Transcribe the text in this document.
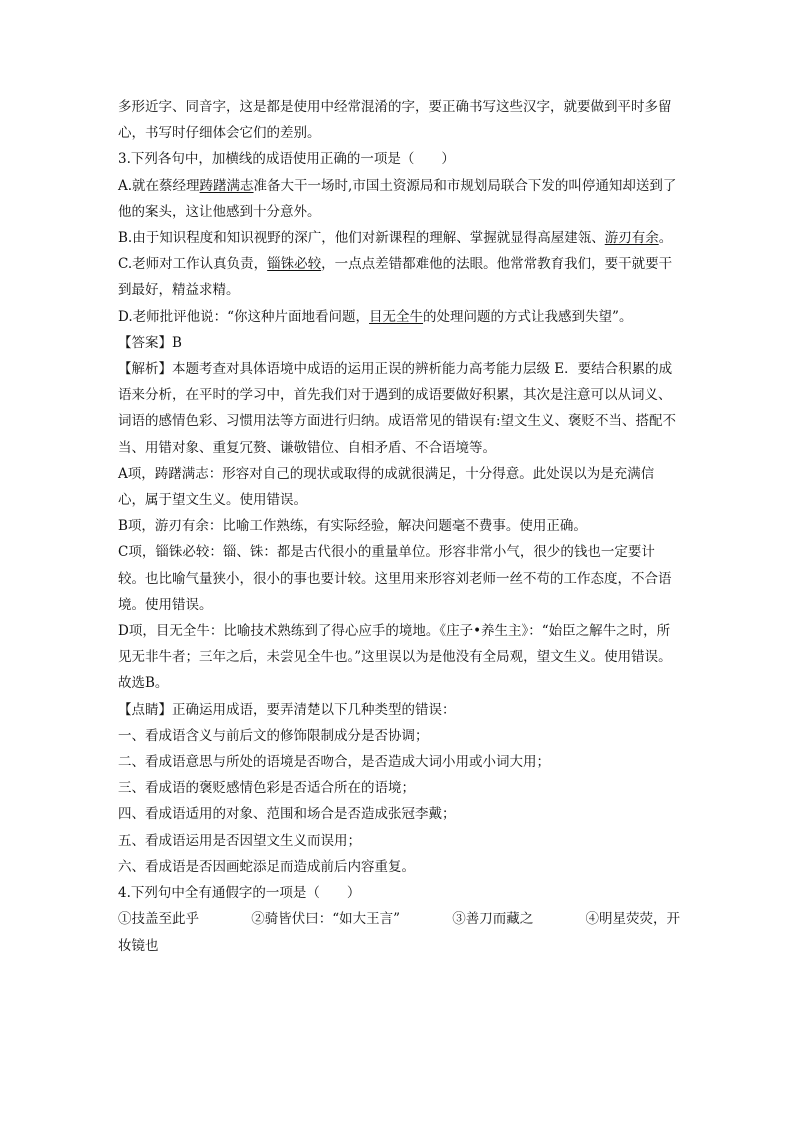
多形近字、同音字，这是都是使用中经常混淆的字，要正确书写这些汉字，就要做到平时多留心，书写时仔细体会它们的差别。

3.下列各句中，加横线的成语使用正确的一项是（　　）

A.就在蔡经理踌躇满志准备大干一场时,市国土资源局和市规划局联合下发的叫停通知却送到了他的案头，这让他感到十分意外。

B.由于知识程度和知识视野的深广，他们对新课程的理解、掌握就显得高屋建瓴、游刃有余。

C.老师对工作认真负责，锱铢必较，一点点差错都难他的法眼。他常常教育我们，要干就要干到最好，精益求精。

D.老师批评他说：“你这种片面地看问题，目无全牛的处理问题的方式让我感到失望”。

【答案】B

【解析】本题考查对具体语境中成语的运用正误的辨析能力高考能力层级 E．要结合积累的成语来分析，在平时的学习中，首先我们对于遇到的成语要做好积累，其次是注意可以从词义、词语的感情色彩、习惯用法等方面进行归纳。成语常见的错误有:望文生义、褒贬不当、搭配不当、用错对象、重复冗赘、谦敬错位、自相矛盾、不合语境等。

A项，踌躇满志：形容对自己的现状或取得的成就很满足，十分得意。此处误以为是充满信心，属于望文生义。使用错误。

B项，游刃有余：比喻工作熟练，有实际经验，解决问题毫不费事。使用正确。

C项，锱铢必较：锱、铢：都是古代很小的重量单位。形容非常小气，很少的钱也一定要计较。也比喻气量狭小，很小的事也要计较。这里用来形容刘老师一丝不苟的工作态度，不合语境。使用错误。

D项，目无全牛：比喻技术熟练到了得心应手的境地。《庄子•养生主》：“始臣之解牛之时，所见无非牛者；三年之后，未尝见全牛也。”这里误以为是他没有全局观，望文生义。使用错误。

故选B。

【点睛】正确运用成语，要弄清楚以下几种类型的错误：

一、看成语含义与前后文的修饰限制成分是否协调；

二、看成语意思与所处的语境是否吻合，是否造成大词小用或小词大用；

三、看成语的褒贬感情色彩是否适合所在的语境；

四、看成语适用的对象、范围和场合是否造成张冠李戴；

五、看成语运用是否因望文生义而误用；

六、看成语是否因画蛇添足而造成前后内容重复。

4.下列句中全有通假字的一项是（　　）

①技盖至此乎	②骑皆伏曰：“如大王言”	③善刀而藏之	④明星荧荧，开

妆镜也
